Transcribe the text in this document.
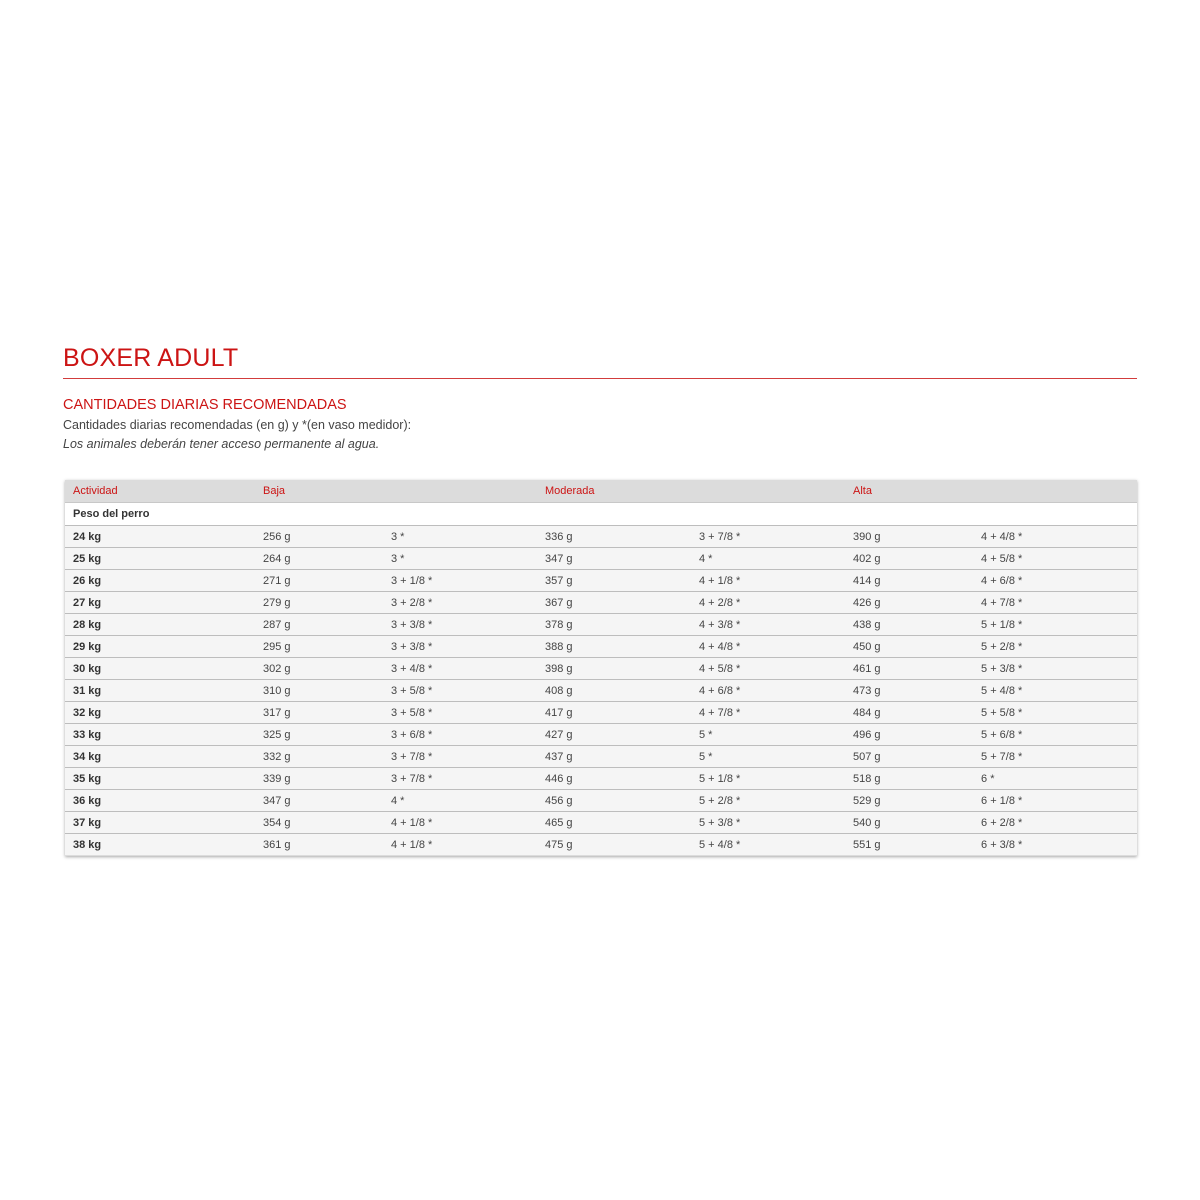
BOXER ADULT
CANTIDADES DIARIAS RECOMENDADAS
Cantidades diarias recomendadas (en g) y *(en vaso medidor):
Los animales deberán tener acceso permanente al agua.
Actividad	Baja		Moderada		Alta	
Peso del perro						
24 kg	256 g	3 *	336 g	3 + 7/8 *	390 g	4 + 4/8 *
25 kg	264 g	3 *	347 g	4 *	402 g	4 + 5/8 *
26 kg	271 g	3 + 1/8 *	357 g	4 + 1/8 *	414 g	4 + 6/8 *
27 kg	279 g	3 + 2/8 *	367 g	4 + 2/8 *	426 g	4 + 7/8 *
28 kg	287 g	3 + 3/8 *	378 g	4 + 3/8 *	438 g	5 + 1/8 *
29 kg	295 g	3 + 3/8 *	388 g	4 + 4/8 *	450 g	5 + 2/8 *
30 kg	302 g	3 + 4/8 *	398 g	4 + 5/8 *	461 g	5 + 3/8 *
31 kg	310 g	3 + 5/8 *	408 g	4 + 6/8 *	473 g	5 + 4/8 *
32 kg	317 g	3 + 5/8 *	417 g	4 + 7/8 *	484 g	5 + 5/8 *
33 kg	325 g	3 + 6/8 *	427 g	5 *	496 g	5 + 6/8 *
34 kg	332 g	3 + 7/8 *	437 g	5 *	507 g	5 + 7/8 *
35 kg	339 g	3 + 7/8 *	446 g	5 + 1/8 *	518 g	6 *
36 kg	347 g	4 *	456 g	5 + 2/8 *	529 g	6 + 1/8 *
37 kg	354 g	4 + 1/8 *	465 g	5 + 3/8 *	540 g	6 + 2/8 *
38 kg	361 g	4 + 1/8 *	475 g	5 + 4/8 *	551 g	6 + 3/8 *
